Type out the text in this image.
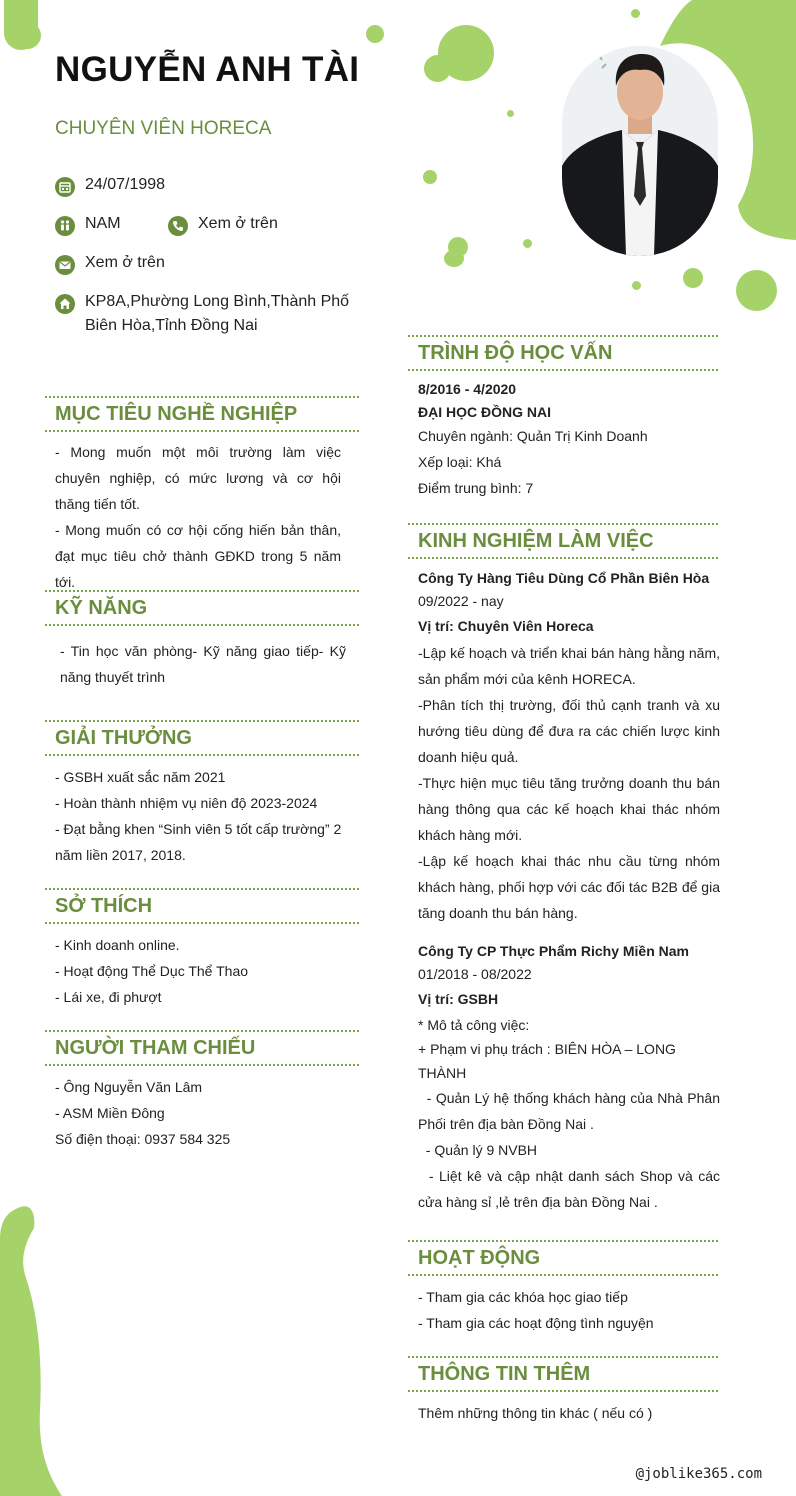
NGUYỄN ANH TÀI
CHUYÊN VIÊN HORECA
24/07/1998
NAM	Xem ở trên
Xem ở trên
KP8A,Phường Long Bình,Thành Phố Biên Hòa,Tỉnh Đồng Nai
MỤC TIÊU NGHỀ NGHIỆP

- Mong muốn một môi trường làm việc chuyên nghiệp, có mức lương và cơ hội thăng tiến tốt.

- Mong muốn có cơ hội cống hiến bản thân, đạt mục tiêu chở thành GĐKD trong 5 năm tới.

KỸ NĂNG
- Tin học văn phòng- Kỹ năng giao tiếp- Kỹ năng thuyết trình
GIẢI THƯỞNG

- GSBH xuất sắc năm 2021

- Hoàn thành nhiệm vụ niên độ 2023-2024

- Đạt bằng khen “Sinh viên 5 tốt cấp trường” 2 năm liền 2017, 2018.

SỞ THÍCH

- Kinh doanh online.

- Hoạt động Thể Dục Thể Thao

- Lái xe, đi phượt

NGƯỜI THAM CHIẾU

- Ông Nguyễn Văn Lâm

- ASM Miền Đông

Số điện thoại: 0937 584 325

TRÌNH ĐỘ HỌC VẤN

8/2016 - 4/2020

ĐẠI HỌC ĐỒNG NAI

Chuyên ngành: Quản Trị Kinh Doanh

Xếp loại: Khá

Điểm trung bình: 7

KINH NGHIỆM LÀM VIỆC

Công Ty Hàng Tiêu Dùng Cổ Phần Biên Hòa

09/2022 - nay

Vị trí: Chuyên Viên Horeca

-Lập kế hoạch và triển khai bán hàng hằng năm, sản phẩm mới của kênh HORECA.

-Phân tích thị trường, đối thủ cạnh tranh và xu hướng tiêu dùng để đưa ra các chiến lược kinh doanh hiệu quả.

-Thực hiện mục tiêu tăng trưởng doanh thu bán hàng thông qua các kế hoạch khai thác nhóm khách hàng mới.

-Lập kế hoạch khai thác nhu cầu từng nhóm khách hàng, phối hợp với các đối tác B2B để gia tăng doanh thu bán hàng.

Công Ty CP Thực Phẩm Richy Miền Nam

01/2018 - 08/2022

Vị trí: GSBH

* Mô tả công việc:

+ Phạm vi phụ trách : BIÊN HÒA – LONG THÀNH

- Quản Lý hệ thống khách hàng của Nhà Phân Phối trên địa bàn Đồng Nai .

- Quản lý 9 NVBH

- Liệt kê và cập nhật danh sách Shop và các cửa hàng sỉ ,lẻ trên địa bàn Đồng Nai .

HOẠT ĐỘNG

- Tham gia các khóa học giao tiếp

- Tham gia các hoạt động tình nguyện

THÔNG TIN THÊM
Thêm những thông tin khác ( nếu có )
@joblike365.com
